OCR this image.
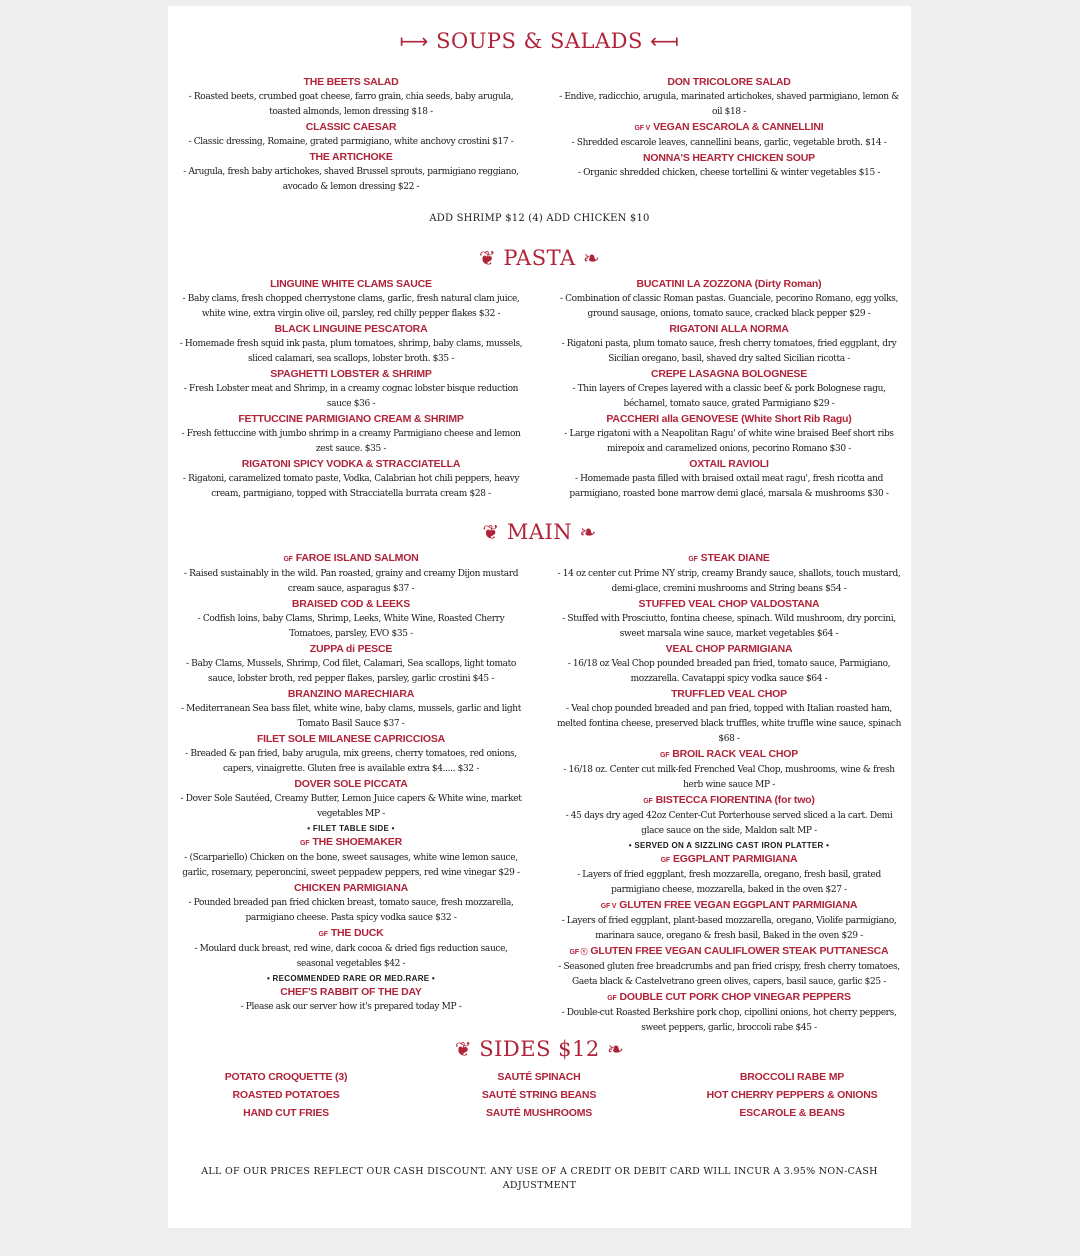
⟼ SOUPS & SALADS ⟻
THE BEETS SALAD
- Roasted beets, crumbed goat cheese, farro grain, chia seeds, baby arugula, toasted almonds, lemon dressing $18 -
CLASSIC CAESAR
- Classic dressing, Romaine, grated parmigiano, white anchovy crostini $17 -
THE ARTICHOKE
- Arugula, fresh baby artichokes, shaved Brussel sprouts, parmigiano reggiano, avocado & lemon dressing $22 -
DON TRICOLORE SALAD
- Endive, radicchio, arugula, marinated artichokes, shaved parmigiano, lemon & oil $18 -
GF V VEGAN ESCAROLA & CANNELLINI
- Shredded escarole leaves, cannellini beans, garlic, vegetable broth. $14 -
NONNA'S HEARTY CHICKEN SOUP
- Organic shredded chicken, cheese tortellini & winter vegetables $15 -
ADD SHRIMP $12 (4) ADD CHICKEN $10
❦ PASTA ❧
LINGUINE WHITE CLAMS SAUCE
- Baby clams, fresh chopped cherrystone clams, garlic, fresh natural clam juice, white wine, extra virgin olive oil, parsley, red chilly pepper flakes $32 -
BLACK LINGUINE PESCATORA
- Homemade fresh squid ink pasta, plum tomatoes, shrimp, baby clams, mussels, sliced calamari, sea scallops, lobster broth. $35 -
SPAGHETTI LOBSTER & SHRIMP
- Fresh Lobster meat and Shrimp, in a creamy cognac lobster bisque reduction sauce $36 -
FETTUCCINE PARMIGIANO CREAM & SHRIMP
- Fresh fettuccine with jumbo shrimp in a creamy Parmigiano cheese and lemon zest sauce. $35 -
RIGATONI SPICY VODKA & STRACCIATELLA
- Rigatoni, caramelized tomato paste, Vodka, Calabrian hot chili peppers, heavy cream, parmigiano, topped with Stracciatella burrata cream $28 -
BUCATINI LA ZOZZONA (Dirty Roman)
- Combination of classic Roman pastas. Guanciale, pecorino Romano, egg yolks, ground sausage, onions, tomato sauce, cracked black pepper $29 -
RIGATONI ALLA NORMA
- Rigatoni pasta, plum tomato sauce, fresh cherry tomatoes, fried eggplant, dry Sicilian oregano, basil, shaved dry salted Sicilian ricotta -
CREPE LASAGNA BOLOGNESE
- Thin layers of Crepes layered with a classic beef & pork Bolognese ragu, béchamel, tomato sauce, grated Parmigiano $29 -
PACCHERI alla GENOVESE (White Short Rib Ragu)
- Large rigatoni with a Neapolitan Ragu' of white wine braised Beef short ribs mirepoix and caramelized onions, pecorino Romano $30 -
OXTAIL RAVIOLI
- Homemade pasta filled with braised oxtail meat ragu', fresh ricotta and parmigiano, roasted bone marrow demi glacé, marsala & mushrooms $30 -
❦ MAIN ❧
GF FAROE ISLAND SALMON
- Raised sustainably in the wild. Pan roasted, grainy and creamy Dijon mustard cream sauce, asparagus $37 -
BRAISED COD & LEEKS
- Codfish loins, baby Clams, Shrimp, Leeks, White Wine, Roasted Cherry Tomatoes, parsley, EVO $35 -
ZUPPA di PESCE
- Baby Clams, Mussels, Shrimp, Cod filet, Calamari, Sea scallops, light tomato sauce, lobster broth, red pepper flakes, parsley, garlic crostini $45 -
BRANZINO MARECHIARA
- Mediterranean Sea bass filet, white wine, baby clams, mussels, garlic and light Tomato Basil Sauce $37 -
FILET SOLE MILANESE CAPRICCIOSA
- Breaded & pan fried, baby arugula, mix greens, cherry tomatoes, red onions, capers, vinaigrette. Gluten free is available extra $4..... $32 -
DOVER SOLE PICCATA
- Dover Sole Sautéed, Creamy Butter, Lemon Juice capers & White wine, market vegetables MP -
• FILET TABLE SIDE •
GF THE SHOEMAKER
- (Scarpariello) Chicken on the bone, sweet sausages, white wine lemon sauce, garlic, rosemary, peperoncini, sweet peppadew peppers, red wine vinegar $29 -
CHICKEN PARMIGIANA
- Pounded breaded pan fried chicken breast, tomato sauce, fresh mozzarella, parmigiano cheese. Pasta spicy vodka sauce $32 -
GF THE DUCK
- Moulard duck breast, red wine, dark cocoa & dried figs reduction sauce, seasonal vegetables $42 -
• RECOMMENDED RARE OR MED.RARE •
CHEF'S RABBIT OF THE DAY
- Please ask our server how it's prepared today MP -
GF STEAK DIANE
- 14 oz center cut Prime NY strip, creamy Brandy sauce, shallots, touch mustard, demi-glace, cremini mushrooms and String beans $54 -
STUFFED VEAL CHOP VALDOSTANA
- Stuffed with Prosciutto, fontina cheese, spinach. Wild mushroom, dry porcini, sweet marsala wine sauce, market vegetables $64 -
VEAL CHOP PARMIGIANA
- 16/18 oz Veal Chop pounded breaded pan fried, tomato sauce, Parmigiano, mozzarella. Cavatappi spicy vodka sauce $64 -
TRUFFLED VEAL CHOP
- Veal chop pounded breaded and pan fried, topped with Italian roasted ham, melted fontina cheese, preserved black truffles, white truffle wine sauce, spinach $68 -
GF BROIL RACK VEAL CHOP
- 16/18 oz. Center cut milk-fed Frenched Veal Chop, mushrooms, wine & fresh herb wine sauce MP -
GF BISTECCA FIORENTINA (for two)
- 45 days dry aged 42oz Center-Cut Porterhouse served sliced a la cart. Demi glace sauce on the side, Maldon salt MP -
• SERVED ON A SIZZLING CAST IRON PLATTER •
GF EGGPLANT PARMIGIANA
- Layers of fried eggplant, fresh mozzarella, oregano, fresh basil, grated parmigiano cheese, mozzarella, baked in the oven $27 -
GF V GLUTEN FREE VEGAN EGGPLANT PARMIGIANA
- Layers of fried eggplant, plant-based mozzarella, oregano, Violife parmigiano, marinara sauce, oregano & fresh basil, Baked in the oven $29 -
GF ⓥ GLUTEN FREE VEGAN CAULIFLOWER STEAK PUTTANESCA
- Seasoned gluten free breadcrumbs and pan fried crispy, fresh cherry tomatoes, Gaeta black & Castelvetrano green olives, capers, basil sauce, garlic $25 -
GF DOUBLE CUT PORK CHOP VINEGAR PEPPERS
- Double-cut Roasted Berkshire pork chop, cipollini onions, hot cherry peppers, sweet peppers, garlic, broccoli rabe $45 -
❦ SIDES $12 ❧
POTATO CROQUETTE (3)
ROASTED POTATOES
HAND CUT FRIES
SAUTÉ SPINACH
SAUTÉ STRING BEANS
SAUTÉ MUSHROOMS
BROCCOLI RABE MP
HOT CHERRY PEPPERS & ONIONS
ESCAROLE & BEANS
ALL OF OUR PRICES REFLECT OUR CASH DISCOUNT. ANY USE OF A CREDIT OR DEBIT CARD WILL INCUR A 3.95% NON-CASH ADJUSTMENT
